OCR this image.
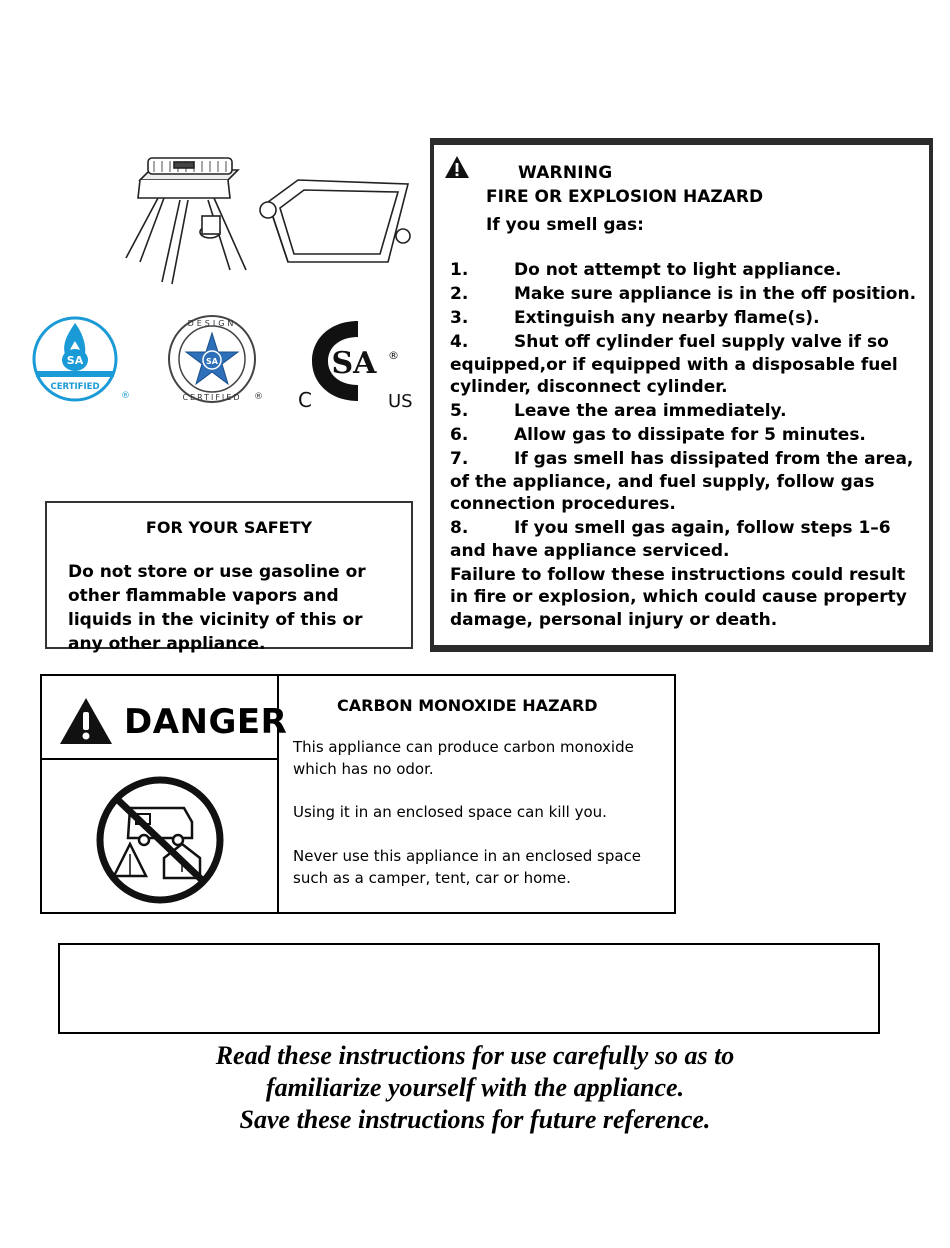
SA
CERTIFIED
®
DESIGN
CERTIFIED
SA
®
SA ®
C	US
WARNING
FIRE OR EXPLOSION HAZARD
If you smell gas:
1.	Do not attempt to light appliance.
2.	Make sure appliance is in the off position.
3.	Extinguish any nearby flame(s).
4.	Shut off cylinder fuel supply valve if so equipped,or if equipped with a disposable fuel cylinder, disconnect cylinder.
5.	Leave the area immediately.
6.	Allow gas to dissipate for 5 minutes.
7.	If gas smell has dissipated from the area, of the appliance, and fuel supply, follow gas connection procedures.
8.	If you smell gas again, follow steps 1–6 and have appliance serviced.
Failure to follow these instructions could result in fire or explosion, which could cause property damage, personal injury or death.
FOR YOUR SAFETY
Do not store or use gasoline or other flammable vapors and liquids in the vicinity of this or any other appliance.
DANGER	CARBON MONOXIDE HAZARD
This appliance can produce carbon monoxide
which has no odor.
Using it in an enclosed space can kill you.
Never use this appliance in an enclosed space
such as a camper, tent, car or home.
Read these instructions for use carefully so as to
familiarize yourself with the appliance.
Save these instructions for future reference.
